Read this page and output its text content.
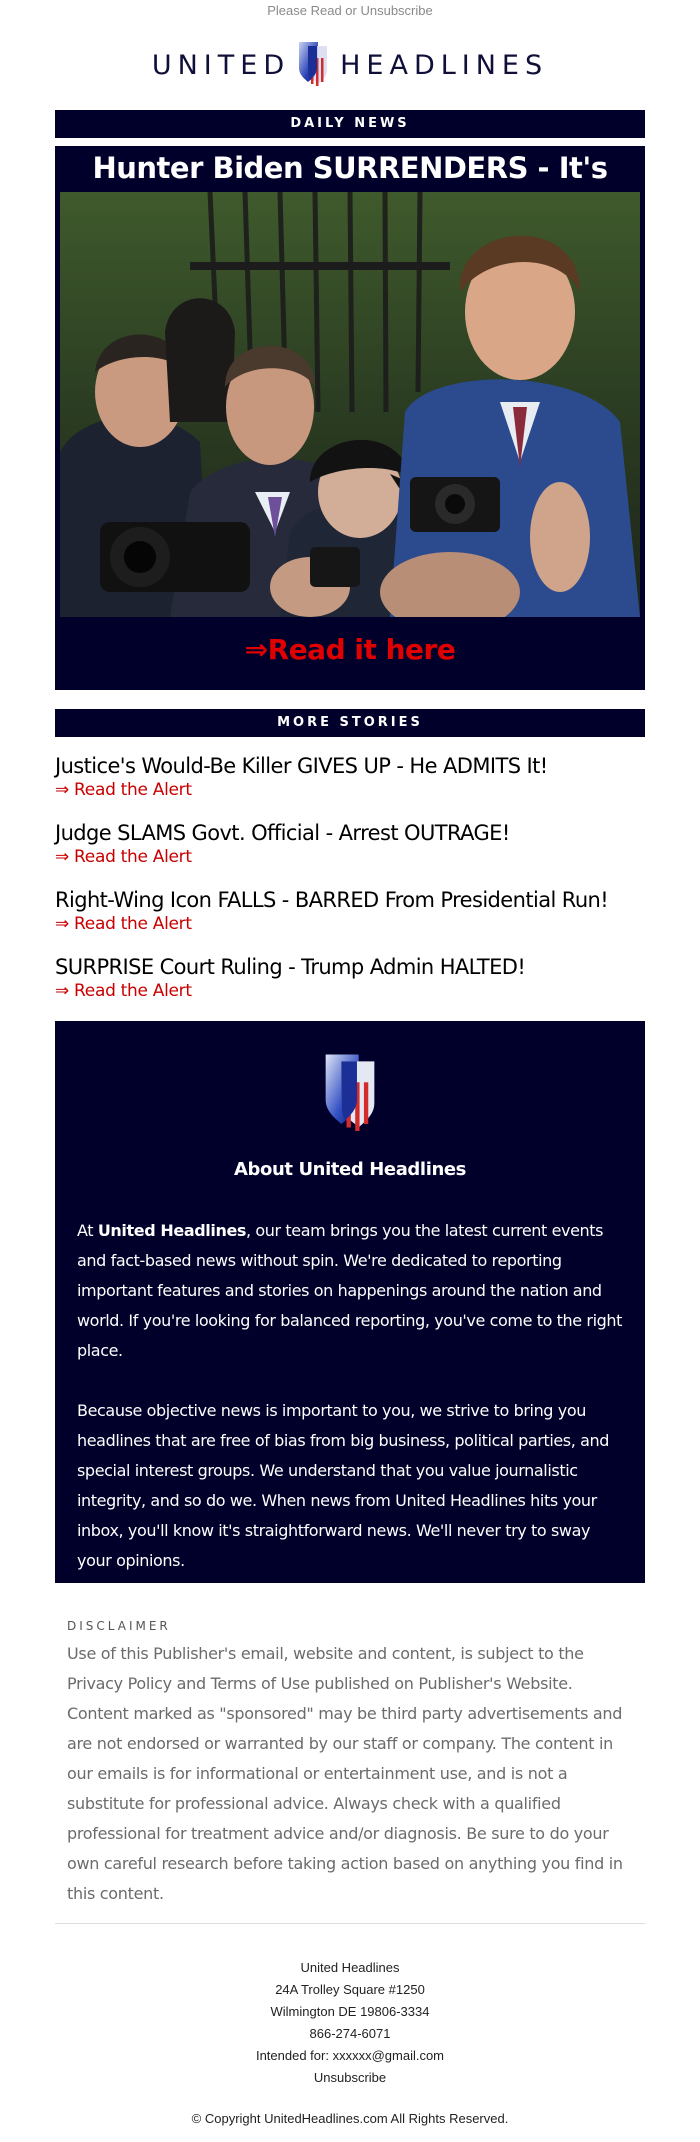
Please Read or Unsubscribe
UNITED HEADLINES
DAILY NEWS
Hunter Biden SURRENDERS - It's
⇒Read it here
MORE STORIES
Justice's Would-Be Killer GIVES UP - He ADMITS It!
⇒ Read the Alert
Judge SLAMS Govt. Official - Arrest OUTRAGE!
⇒ Read the Alert
Right-Wing Icon FALLS - BARRED From Presidential Run!
⇒ Read the Alert
SURPRISE Court Ruling - Trump Admin HALTED!
⇒ Read the Alert
About United Headlines

At United Headlines, our team brings you the latest current events and fact-based news without spin. We're dedicated to reporting important features and stories on happenings around the nation and world. If you're looking for balanced reporting, you've come to the right place.

Because objective news is important to you, we strive to bring you headlines that are free of bias from big business, political parties, and special interest groups. We understand that you value journalistic integrity, and so do we. When news from United Headlines hits your inbox, you'll know it's straightforward news. We'll never try to sway your opinions.

DISCLAIMER
Use of this Publisher's email, website and content, is subject to the Privacy Policy and Terms of Use published on Publisher's Website. Content marked as "sponsored" may be third party advertisements and are not endorsed or warranted by our staff or company. The content in our emails is for informational or entertainment use, and is not a substitute for professional advice. Always check with a qualified professional for treatment advice and/or diagnosis. Be sure to do your own careful research before taking action based on anything you find in this content.
United Headlines
24A Trolley Square #1250
Wilmington DE 19806-3334
866-274-6071
Intended for: xxxxxx@gmail.com
Unsubscribe
© Copyright UnitedHeadlines.com All Rights Reserved.
